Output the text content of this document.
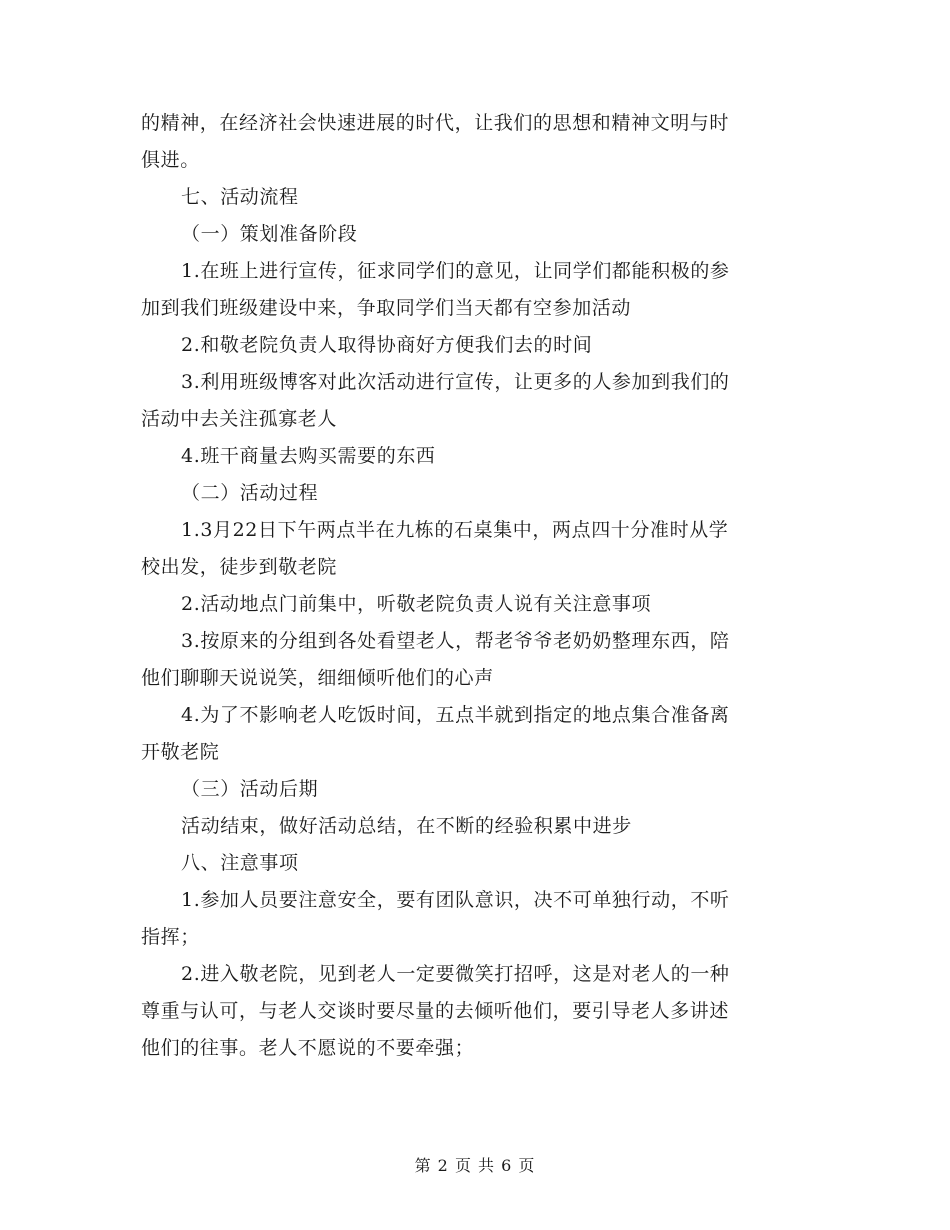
的精神，在经济社会快速进展的时代，让我们的思想和精神文明与时
俱进。
七、活动流程
（一）策划准备阶段
1.在班上进行宣传，征求同学们的意见，让同学们都能积极的参
加到我们班级建设中来，争取同学们当天都有空参加活动
2.和敬老院负责人取得协商好方便我们去的时间
3.利用班级博客对此次活动进行宣传，让更多的人参加到我们的
活动中去关注孤寡老人
4.班干商量去购买需要的东西
（二）活动过程
1.3月22日下午两点半在九栋的石桌集中，两点四十分准时从学
校出发，徒步到敬老院
2.活动地点门前集中，听敬老院负责人说有关注意事项
3.按原来的分组到各处看望老人，帮老爷爷老奶奶整理东西，陪
他们聊聊天说说笑，细细倾听他们的心声
4.为了不影响老人吃饭时间，五点半就到指定的地点集合准备离
开敬老院
（三）活动后期
活动结束，做好活动总结，在不断的经验积累中进步
八、注意事项
1.参加人员要注意安全，要有团队意识，决不可单独行动，不听
指挥；
2.进入敬老院，见到老人一定要微笑打招呼，这是对老人的一种
尊重与认可，与老人交谈时要尽量的去倾听他们，要引导老人多讲述
他们的往事。老人不愿说的不要牵强；
第 2 页 共 6 页
